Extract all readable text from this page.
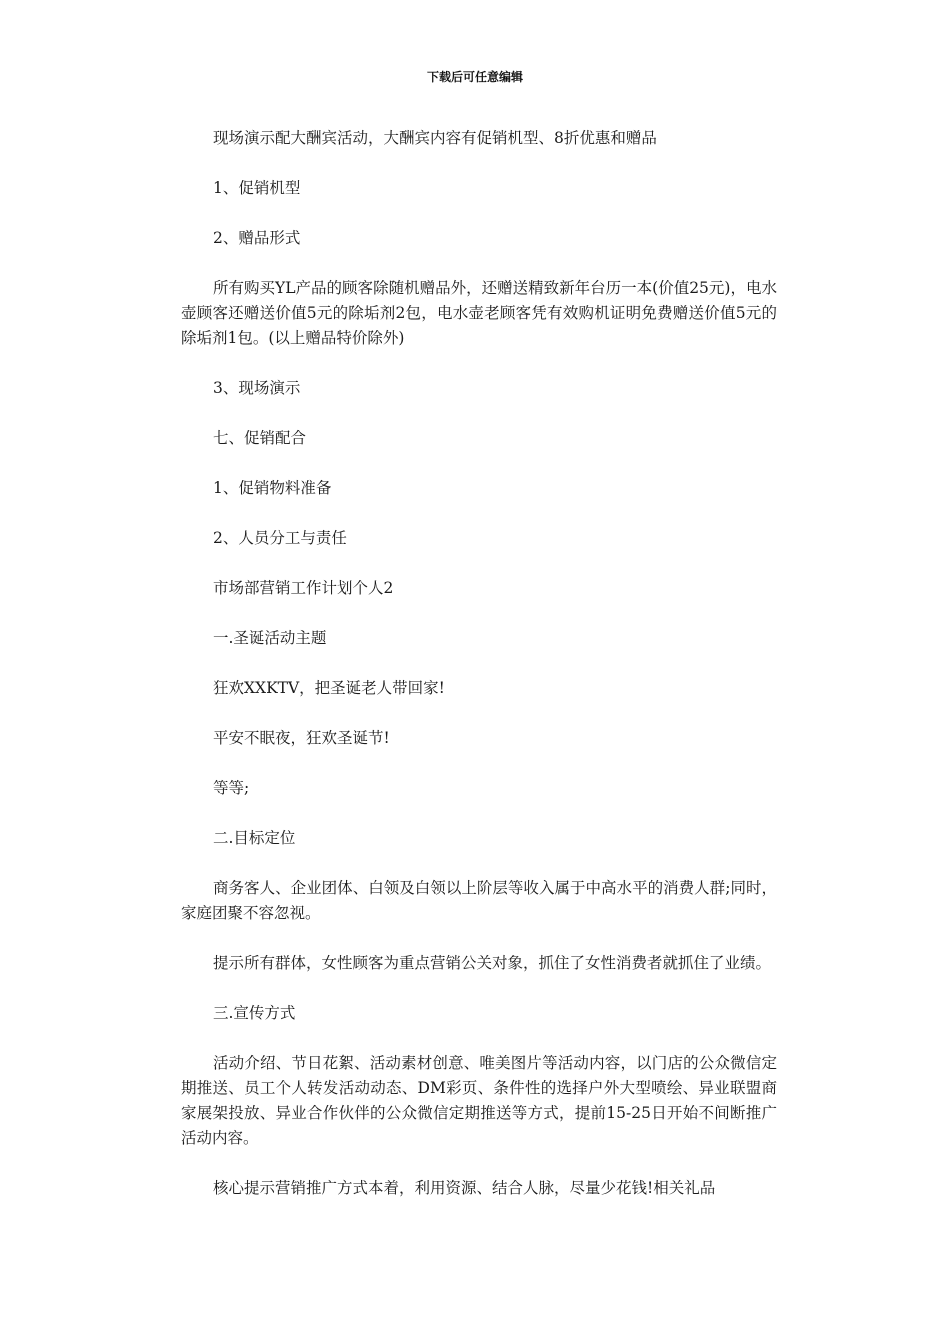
下载后可任意编辑

现场演示配大酬宾活动，大酬宾内容有促销机型、8折优惠和赠品

1、促销机型

2、赠品形式

所有购买YL产品的顾客除随机赠品外，还赠送精致新年台历一本(价值25元)，电水壶顾客还赠送价值5元的除垢剂2包，电水壶老顾客凭有效购机证明免费赠送价值5元的除垢剂1包。(以上赠品特价除外)

3、现场演示

七、促销配合

1、促销物料准备

2、人员分工与责任

市场部营销工作计划个人2

一.圣诞活动主题

狂欢XXKTV，把圣诞老人带回家!

平安不眠夜，狂欢圣诞节!

等等;

二.目标定位

商务客人、企业团体、白领及白领以上阶层等收入属于中高水平的消费人群;同时，家庭团聚不容忽视。

提示所有群体，女性顾客为重点营销公关对象，抓住了女性消费者就抓住了业绩。

三.宣传方式

活动介绍、节日花絮、活动素材创意、唯美图片等活动内容，以门店的公众微信定期推送、员工个人转发活动动态、DM彩页、条件性的选择户外大型喷绘、异业联盟商家展架投放、异业合作伙伴的公众微信定期推送等方式，提前15-25日开始不间断推广活动内容。

核心提示营销推广方式本着，利用资源、结合人脉，尽量少花钱!相关礼品
